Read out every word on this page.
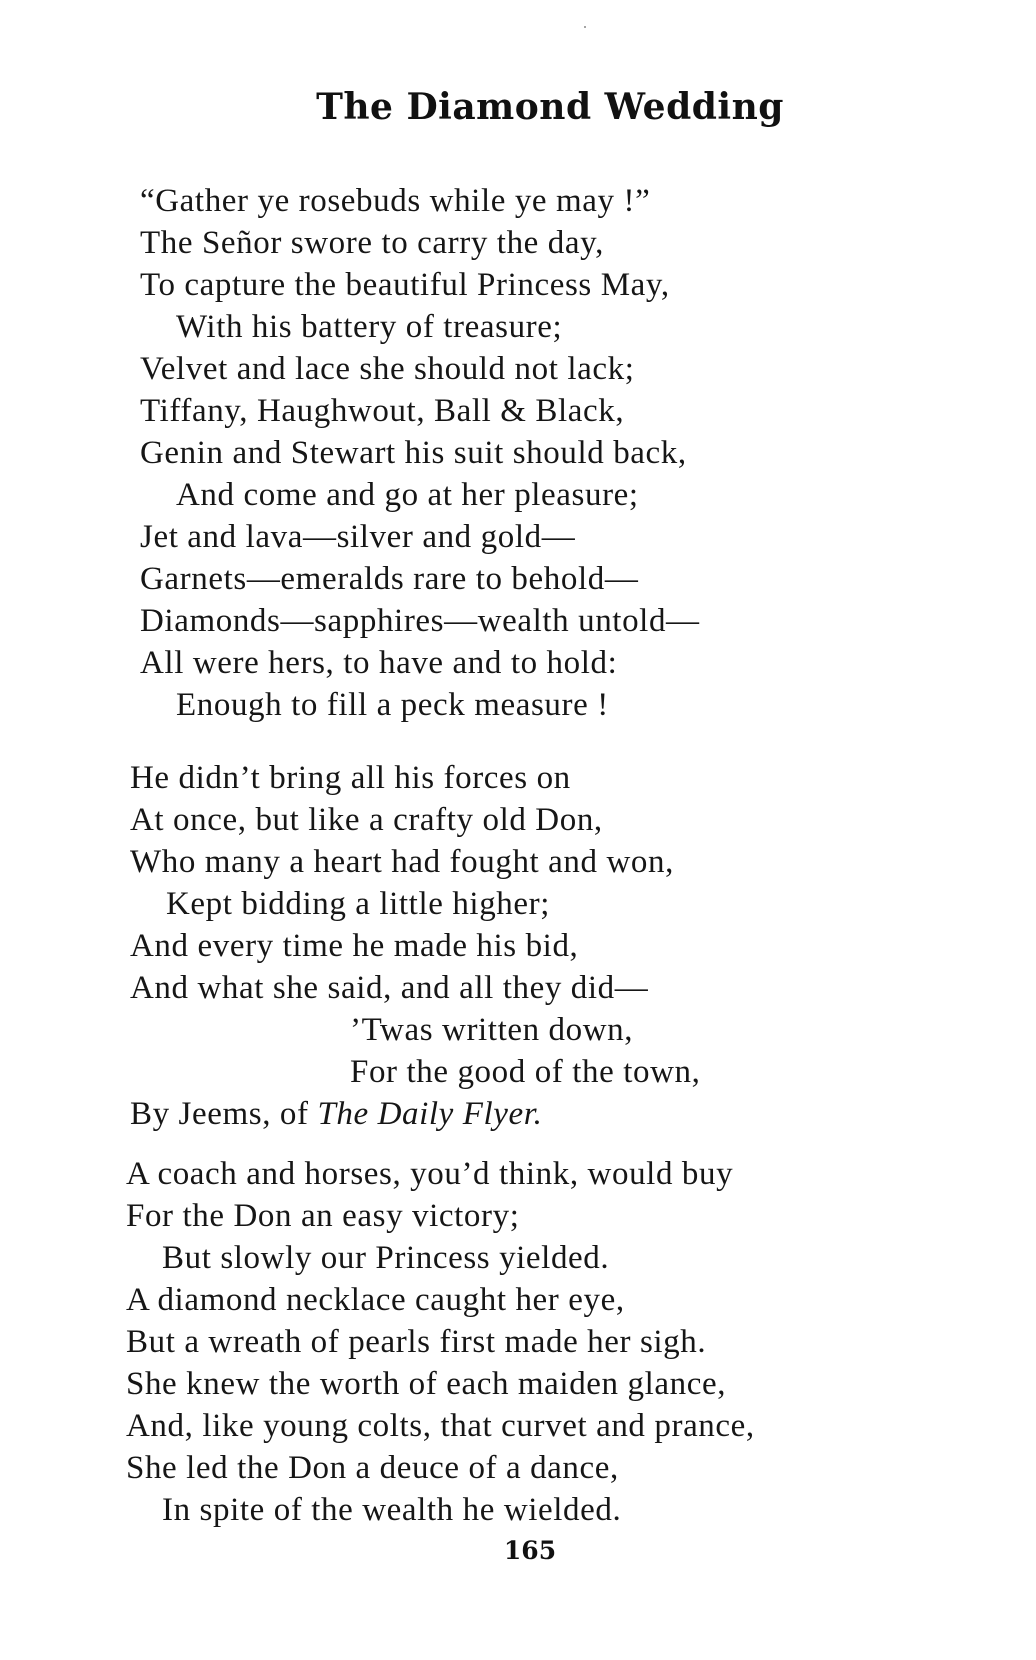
The Diamond Wedding
“Gather ye rosebuds while ye may !”
The Señor swore to carry the day,
To capture the beautiful Princess May,
With his battery of treasure;
Velvet and lace she should not lack;
Tiffany, Haughwout, Ball & Black,
Genin and Stewart his suit should back,
And come and go at her pleasure;
Jet and lava—silver and gold—
Garnets—emeralds rare to behold—
Diamonds—sapphires—wealth untold—
All were hers, to have and to hold:
Enough to fill a peck measure !
He didn’t bring all his forces on
At once, but like a crafty old Don,
Who many a heart had fought and won,
Kept bidding a little higher;
And every time he made his bid,
And what she said, and all they did—
’Twas written down,
For the good of the town,
By Jeems, of The Daily Flyer.
A coach and horses, you’d think, would buy
For the Don an easy victory;
But slowly our Princess yielded.
A diamond necklace caught her eye,
But a wreath of pearls first made her sigh.
She knew the worth of each maiden glance,
And, like young colts, that curvet and prance,
She led the Don a deuce of a dance,
In spite of the wealth he wielded.

165
